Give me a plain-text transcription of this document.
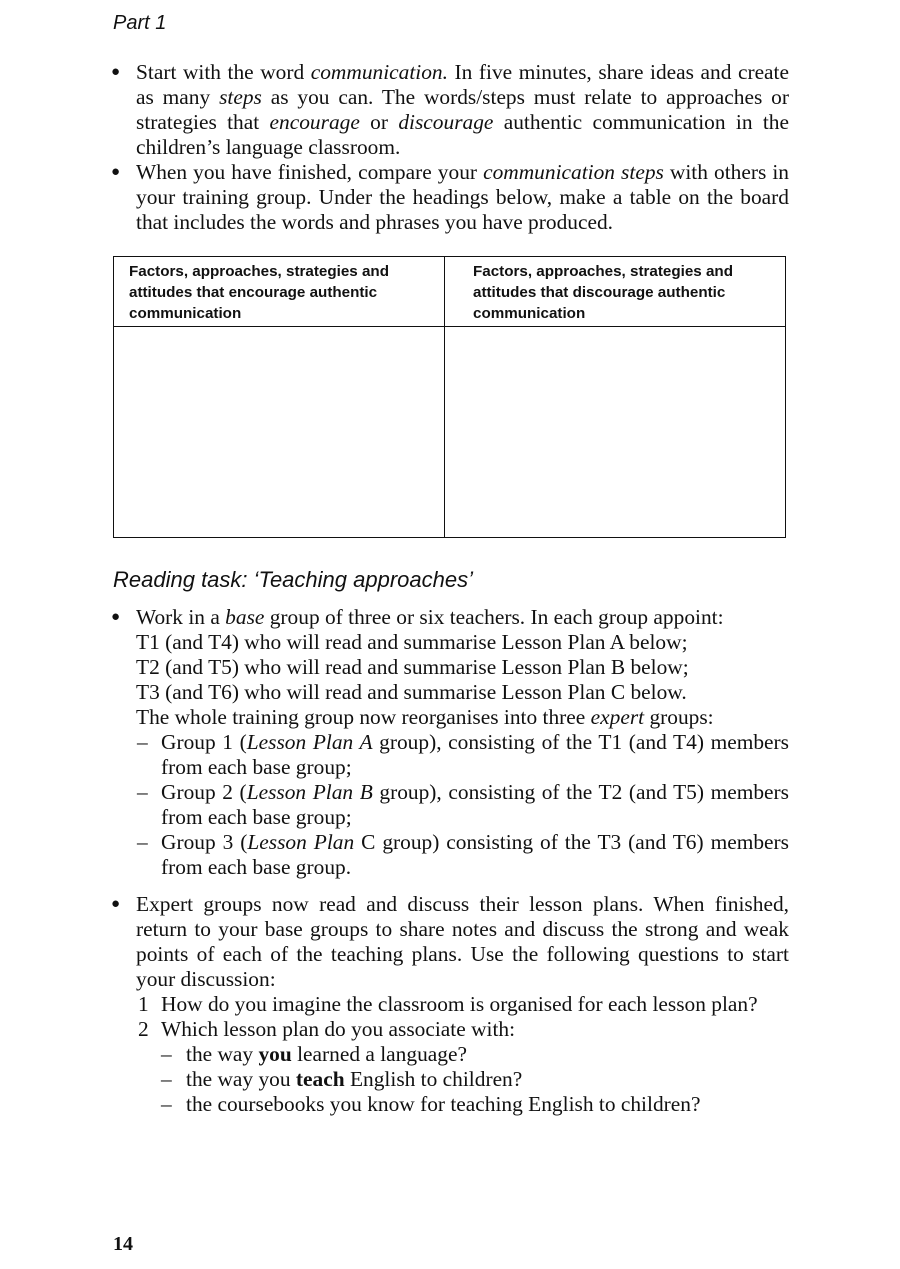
Part 1
● Start with the word communication. In five minutes, share ideas and create as many steps as you can. The words/steps must relate to approaches or strategies that encourage or discourage authentic communication in the children’s language classroom.
● When you have finished, compare your communication steps with others in your training group. Under the headings below, make a table on the board that includes the words and phrases you have produced.
Factors, approaches, strategies and attitudes that encourage authentic communication
Factors, approaches, strategies and attitudes that discourage authentic communication
Reading task: ‘Teaching approaches’
● Work in a base group of three or six teachers. In each group appoint:
T1 (and T4) who will read and summarise Lesson Plan A below;
T2 (and T5) who will read and summarise Lesson Plan B below;
T3 (and T6) who will read and summarise Lesson Plan C below.
The whole training group now reorganises into three expert groups:
– Group 1 (Lesson Plan A group), consisting of the T1 (and T4) members from each base group;
– Group 2 (Lesson Plan B group), consisting of the T2 (and T5) members from each base group;
– Group 3 (Lesson Plan C group) consisting of the T3 (and T6) members from each base group.
● Expert groups now read and discuss their lesson plans. When finished, return to your base groups to share notes and discuss the strong and weak points of each of the teaching plans. Use the following questions to start your discussion:
1 How do you imagine the classroom is organised for each lesson plan?
2 Which lesson plan do you associate with:
– the way you learned a language?
– the way you teach English to children?
– the coursebooks you know for teaching English to children?
14
